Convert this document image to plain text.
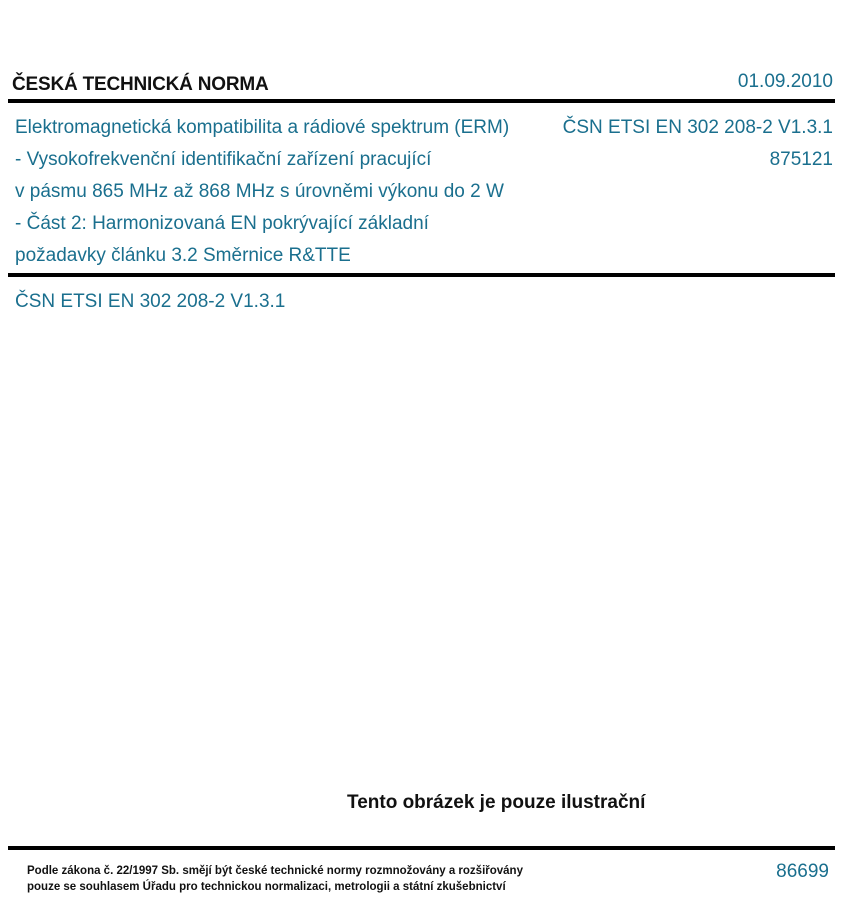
ČESKÁ TECHNICKÁ NORMA	01.09.2010
Elektromagnetická kompatibilita a rádiové spektrum (ERM)
- Vysokofrekvenční identifikační zařízení pracující
v pásmu 865 MHz až 868 MHz s úrovněmi výkonu do 2 W
- Část 2: Harmonizovaná EN pokrývající základní
požadavky článku 3.2 Směrnice R&TTE
ČSN ETSI EN 302 208-2 V1.3.1
875121
ČSN ETSI EN 302 208-2 V1.3.1
Tento obrázek je pouze ilustrační
Podle zákona č. 22/1997 Sb. smějí být české technické normy rozmnožovány a rozšiřovány
pouze se souhlasem Úřadu pro technickou normalizaci, metrologii a státní zkušebnictví
86699
